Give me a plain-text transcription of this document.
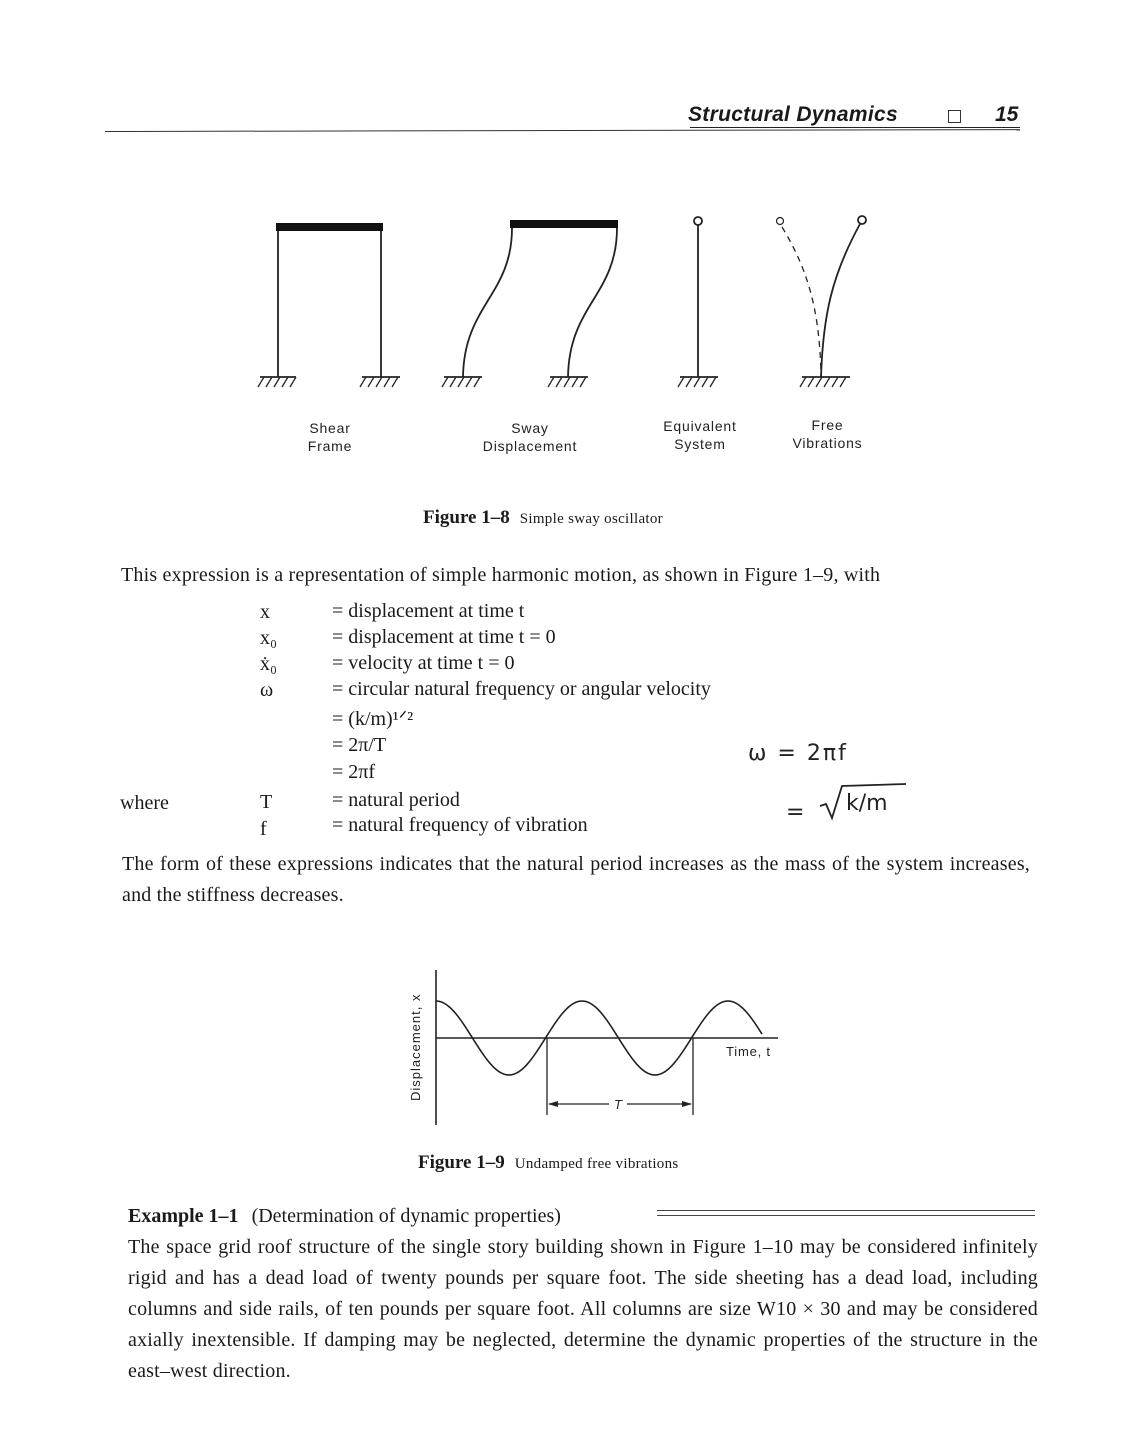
Structural Dynamics	15
Shear
Frame
Sway
Displacement
Equivalent
System
Free
Vibrations
Figure 1–8 Simple sway oscillator
This expression is a representation of simple harmonic motion, as shown in Figure 1–9, with
where
x	= displacement at time t
x₀	= displacement at time t = 0
ẋ₀	= velocity at time t = 0
ω	= circular natural frequency or angular velocity
= (k/m)¹ᐟ²
= 2π/T
= 2πf
T	= natural period
f	= natural frequency of vibration
ω = 2πf
= k/m
The form of these expressions indicates that the natural period increases as the mass of the system increases, and the stiffness decreases.
T
Time, t
Displacement, x
Figure 1–9 Undamped free vibrations
Example 1–1 (Determination of dynamic properties)
The space grid roof structure of the single story building shown in Figure 1–10 may be considered infinitely rigid and has a dead load of twenty pounds per square foot. The side sheeting has a dead load, including columns and side rails, of ten pounds per square foot. All columns are size W10 × 30 and may be considered axially inextensible. If damping may be neglected, determine the dynamic properties of the structure in the east–west direction.
